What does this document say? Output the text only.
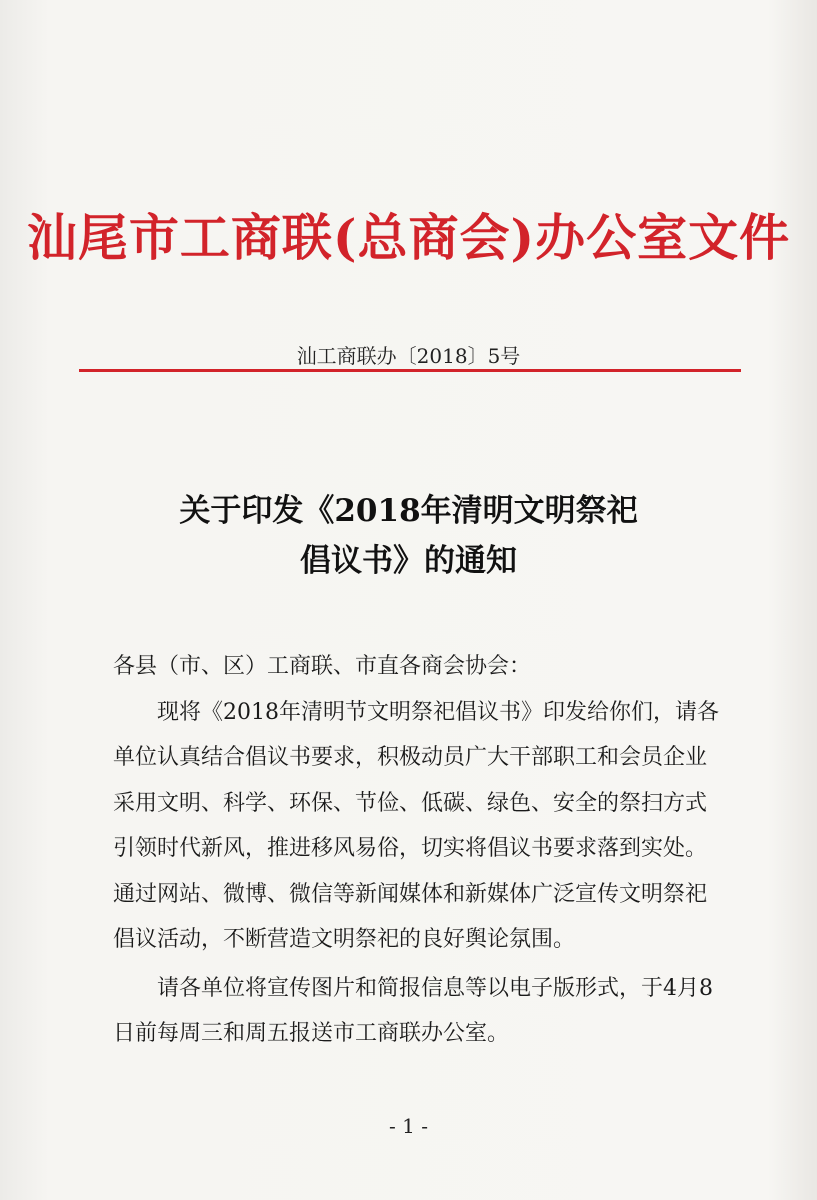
汕尾市工商联(总商会)办公室文件
汕工商联办〔2018〕5号
关于印发《2018年清明文明祭祀
倡议书》的通知
各县（市、区）工商联、市直各商会协会：
现将《2018年清明节文明祭祀倡议书》印发给你们，请各
单位认真结合倡议书要求，积极动员广大干部职工和会员企业
采用文明、科学、环保、节俭、低碳、绿色、安全的祭扫方式
引领时代新风，推进移风易俗，切实将倡议书要求落到实处。
通过网站、微博、微信等新闻媒体和新媒体广泛宣传文明祭祀
倡议活动，不断营造文明祭祀的良好舆论氛围。
请各单位将宣传图片和简报信息等以电子版形式，于4月8
日前每周三和周五报送市工商联办公室。
- 1 -
